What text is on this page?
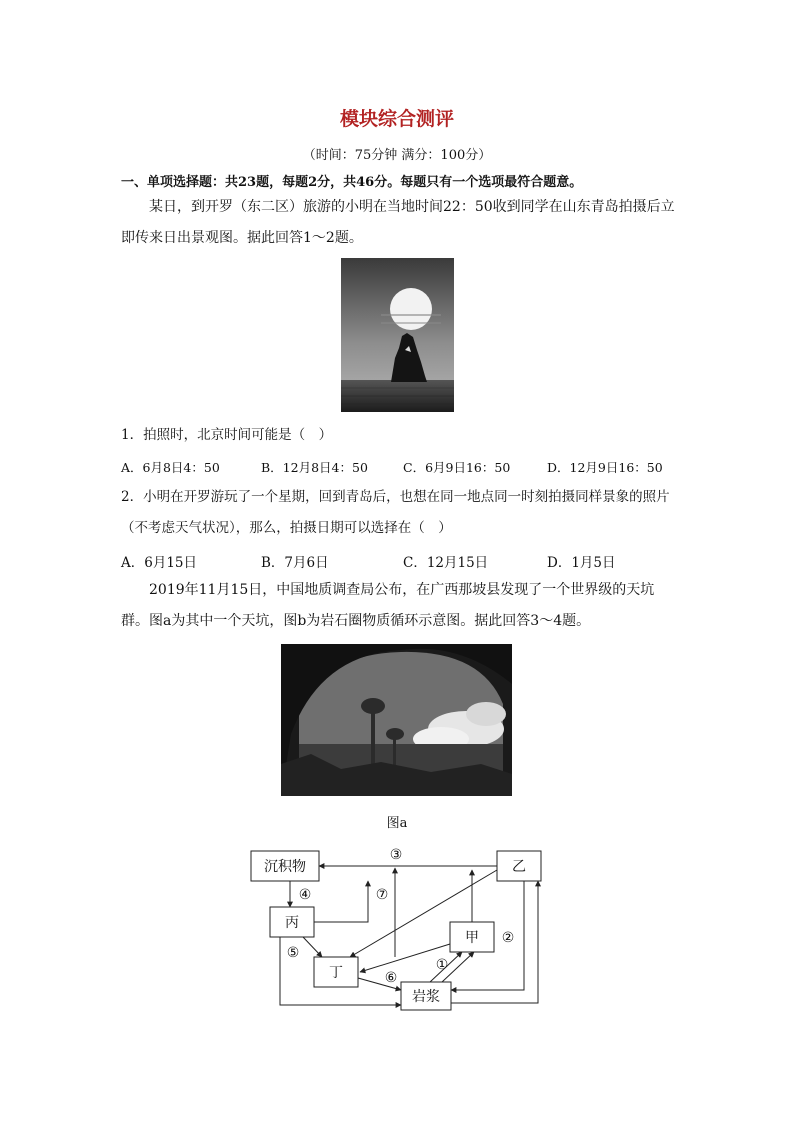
模块综合测评
（时间：75分钟 满分：100分）
一、单项选择题：共23题，每题2分，共46分。每题只有一个选项最符合题意。

某日，到开罗（东二区）旅游的小明在当地时间22：50收到同学在山东青岛拍摄后立即传来日出景观图。据此回答1～2题。

1．拍照时，北京时间可能是（　）

A．6月8日4：50	B．12月8日4：50	C．6月9日16：50	D．12月9日16：50

2．小明在开罗游玩了一个星期，回到青岛后，也想在同一地点同一时刻拍摄同样景象的照片（不考虑天气状况），那么，拍摄日期可以选择在（　）

A．6月15日	B．7月6日	C．12月15日	D．1月5日

2019年11月15日，中国地质调查局公布，在广西那坡县发现了一个世界级的天坑群。图a为其中一个天坑，图b为岩石圈物质循环示意图。据此回答3～4题。

图a
沉积物	乙
丙
甲
丁
岩浆
③
④	⑦
⑤
⑥
①
②
